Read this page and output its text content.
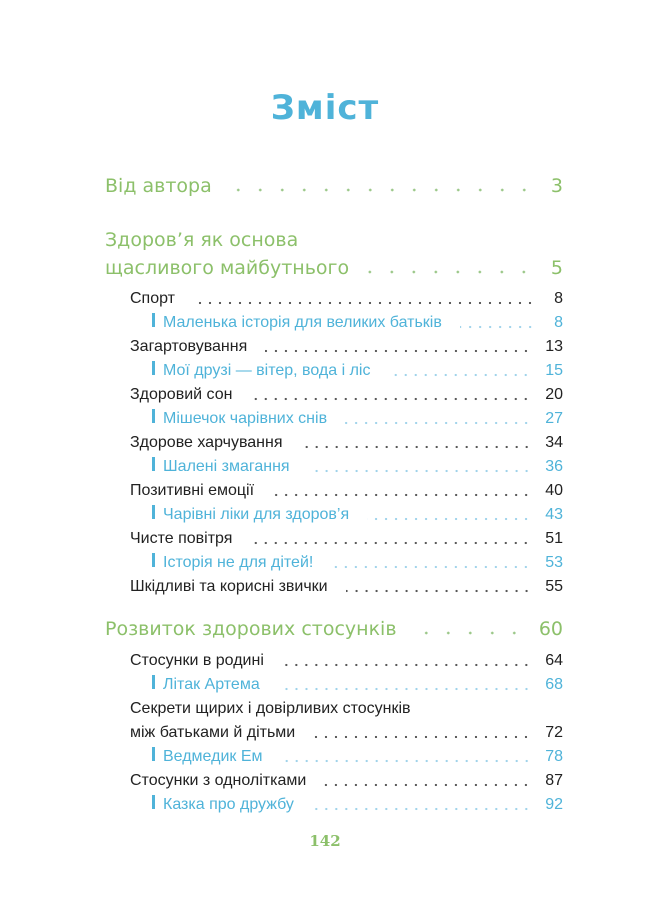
Зміст
Від автора	3
Здоров’я як основа
щасливого майбутнього	5
Спорт	8
Маленька історія для великих батьків	8
Загартовування	13
Мої друзі — вітер, вода і ліс	15
Здоровий сон	20
Мішечок чарівних снів	27
Здорове харчування	34
Шалені змагання	36
Позитивні емоції	40
Чарівні ліки для здоров’я	43
Чисте повітря	51
Історія не для дітей!	53
Шкідливі та корисні звички	55
Розвиток здорових стосунків	60
Стосунки в родині	64
Літак Артема	68
Секрети щирих і довірливих стосунків
між батьками й дітьми	72
Ведмедик Ем	78
Стосунки з однолітками	87
Казка про дружбу	92
142
